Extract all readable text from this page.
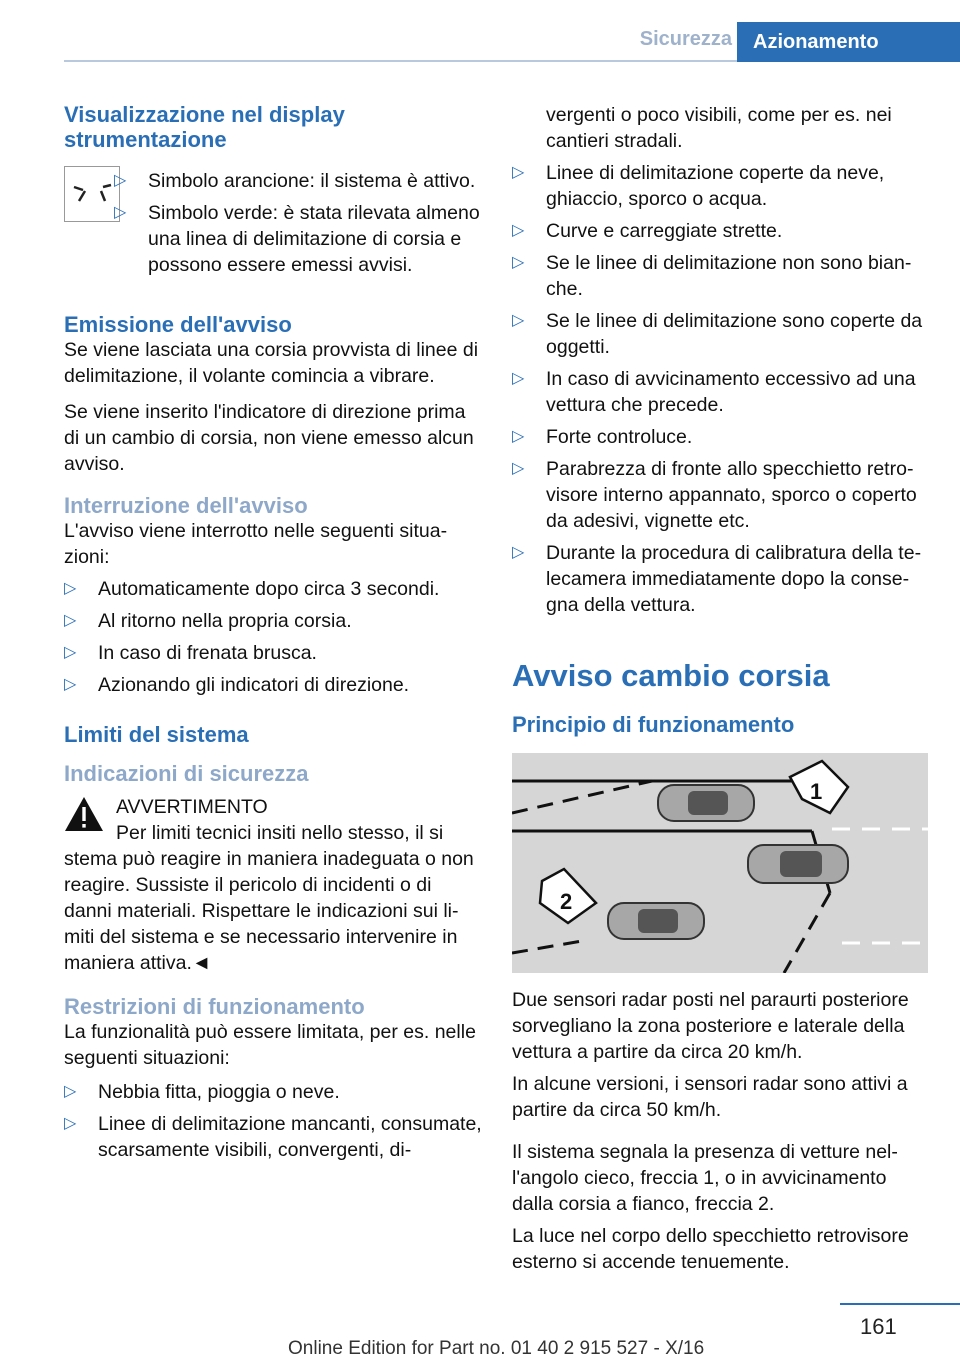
Sicurezza	Azionamento
Visualizzazione nel display strumentazione
▷ Simbolo arancione: il sistema è attivo.
▷ Simbolo verde: è stata rilevata almeno una linea di delimitazione di corsia e possono essere emessi avvisi.
Emissione dell'avviso

Se viene lasciata una corsia provvista di linee di delimitazione, il volante comincia a vibrare.

Se viene inserito l'indicatore di direzione prima di un cambio di corsia, non viene emesso alcun avviso.

Interruzione dell'avviso

L'avviso viene interrotto nelle seguenti situazioni:

▷ Automaticamente dopo circa 3 secondi.
▷ Al ritorno nella propria corsia.
▷ In caso di frenata brusca.
▷ Azionando gli indicatori di direzione.
Limiti del sistema
Indicazioni di sicurezza

AVVERTIMENTO

Per limiti tecnici insiti nello stesso, il si

stema può reagire in maniera inadeguata o non reagire. Sussiste il pericolo di incidenti o di danni materiali. Rispettare le indicazioni sui limiti del sistema e se necessario intervenire in maniera attiva.◄

Restrizioni di funzionamento

La funzionalità può essere limitata, per es. nelle seguenti situazioni:

▷ Nebbia fitta, pioggia o neve.
▷ Linee di delimitazione mancanti, consumate, scarsamente visibili, convergenti, di-

vergenti o poco visibili, come per es. nei cantieri stradali.

▷ Linee di delimitazione coperte da neve, ghiaccio, sporco o acqua.
▷ Curve e carreggiate strette.
▷ Se le linee di delimitazione non sono bianche.
▷ Se le linee di delimitazione sono coperte da oggetti.
▷ In caso di avvicinamento eccessivo ad una vettura che precede.
▷ Forte controluce.
▷ Parabrezza di fronte allo specchietto retrovisore interno appannato, sporco o coperto da adesivi, vignette etc.
▷ Durante la procedura di calibratura della telecamera immediatamente dopo la consegna della vettura.
Avviso cambio corsia
Principio di funzionamento
1
2

Due sensori radar posti nel paraurti posteriore sorvegliano la zona posteriore e laterale della vettura a partire da circa 20 km/h.

In alcune versioni, i sensori radar sono attivi a partire da circa 50 km/h.

Il sistema segnala la presenza di vetture nell'angolo cieco, freccia 1, o in avvicinamento dalla corsia a fianco, freccia 2.

La luce nel corpo dello specchietto retrovisore esterno si accende tenuemente.

161
Online Edition for Part no. 01 40 2 915 527 - X/16
